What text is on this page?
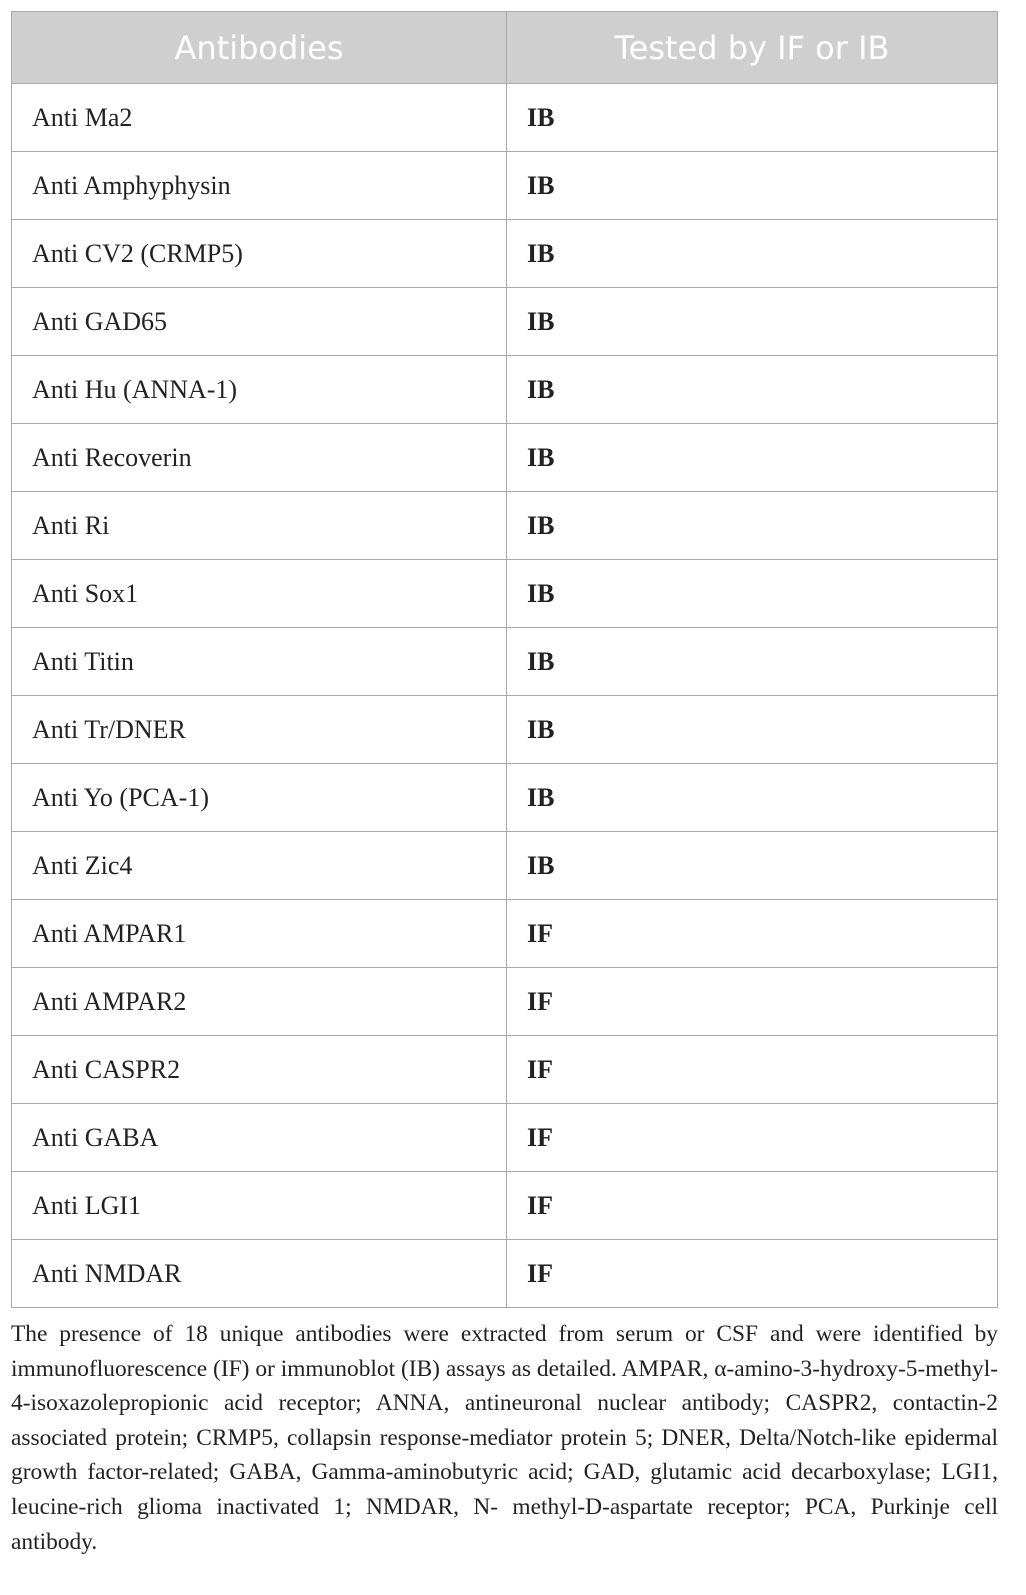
Antibodies	Tested by IF or IB
Anti Ma2	IB
Anti Amphyphysin	IB
Anti CV2 (CRMP5)	IB
Anti GAD65	IB
Anti Hu (ANNA-1)	IB
Anti Recoverin	IB
Anti Ri	IB
Anti Sox1	IB
Anti Titin	IB
Anti Tr/DNER	IB
Anti Yo (PCA-1)	IB
Anti Zic4	IB
Anti AMPAR1	IF
Anti AMPAR2	IF
Anti CASPR2	IF
Anti GABA	IF
Anti LGI1	IF
Anti NMDAR	IF

The presence of 18 unique antibodies were extracted from serum or CSF and were identified by immunofluorescence (IF) or immunoblot (IB) assays as detailed. AMPAR, α-amino-3-hydroxy-5-methyl-4-isoxazolepropionic acid receptor; ANNA, antineuronal nuclear antibody; CASPR2, contactin-2 associated protein; CRMP5, collapsin response-mediator protein 5; DNER, Delta/Notch-like epidermal growth factor-related; GABA, Gamma-aminobutyric acid; GAD, glutamic acid decarboxylase; LGI1, leucine-rich glioma inactivated 1; NMDAR, N- methyl-D-aspartate receptor; PCA, Purkinje cell antibody.
